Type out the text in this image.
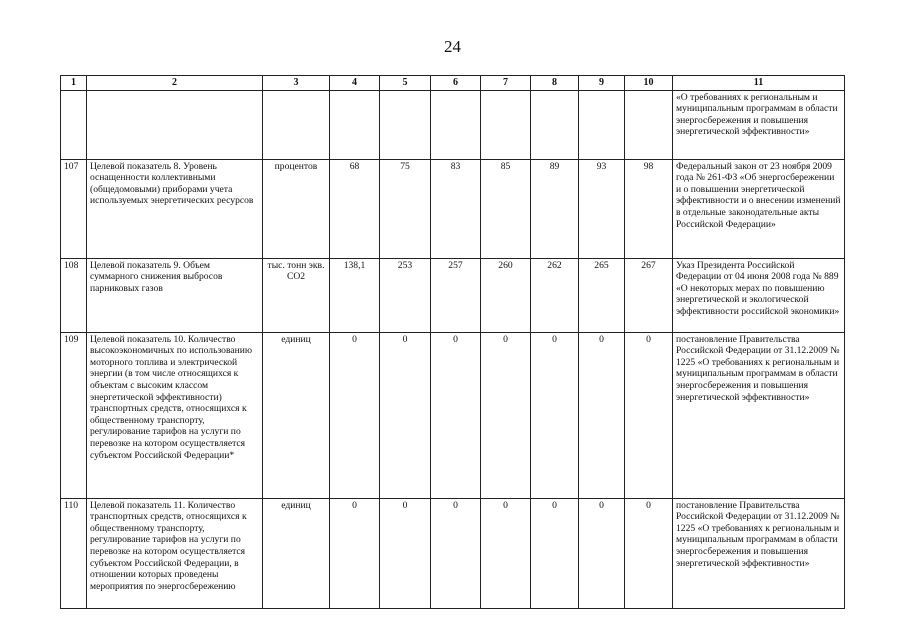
24
1	2	3	4	5	6	7	8	9	10	11
										«О требованиях к региональным и муниципальным программам в области энергосбережения и повышения энергетической эффективности»
107	Целевой показатель 8. Уровень оснащенности коллективными (общедомовыми) приборами учета используемых энергетических ресурсов	процентов	68	75	83	85	89	93	98	Федеральный закон от 23 ноября 2009 года № 261-ФЗ «Об энергосбережении и о повышении энергетической эффективности и о внесении изменений в отдельные законодательные акты Российской Федерации»
108	Целевой показатель 9. Объем суммарного снижения выбросов парниковых газов	тыс. тонн экв. CO2	138,1	253	257	260	262	265	267	Указ Президента Российской Федерации от 04 июня 2008 года № 889 «О некоторых мерах по повышению энергетической и экологической эффективности российской экономики»
109	Целевой показатель 10. Количество высокоэкономичных по использованию моторного топлива и электрической энергии (в том числе относящихся к объектам с высоким классом энергетической эффективности) транспортных средств, относящихся к общественному транспорту, регулирование тарифов на услуги по перевозке на котором осуществляется субъектом Российской Федерации*	единиц	0	0	0	0	0	0	0	постановление Правительства Российской Федерации от 31.12.2009 № 1225 «О требованиях к региональным и муниципальным программам в области энергосбережения и повышения энергетической эффективности»
110	Целевой показатель 11. Количество транспортных средств, относящихся к общественному транспорту, регулирование тарифов на услуги по перевозке на котором осуществляется субъектом Российской Федерации, в отношении которых проведены мероприятия по энергосбережению	единиц	0	0	0	0	0	0	0	постановление Правительства Российской Федерации от 31.12.2009 № 1225 «О требованиях к региональным и муниципальным программам в области энергосбережения и повышения энергетической эффективности»
